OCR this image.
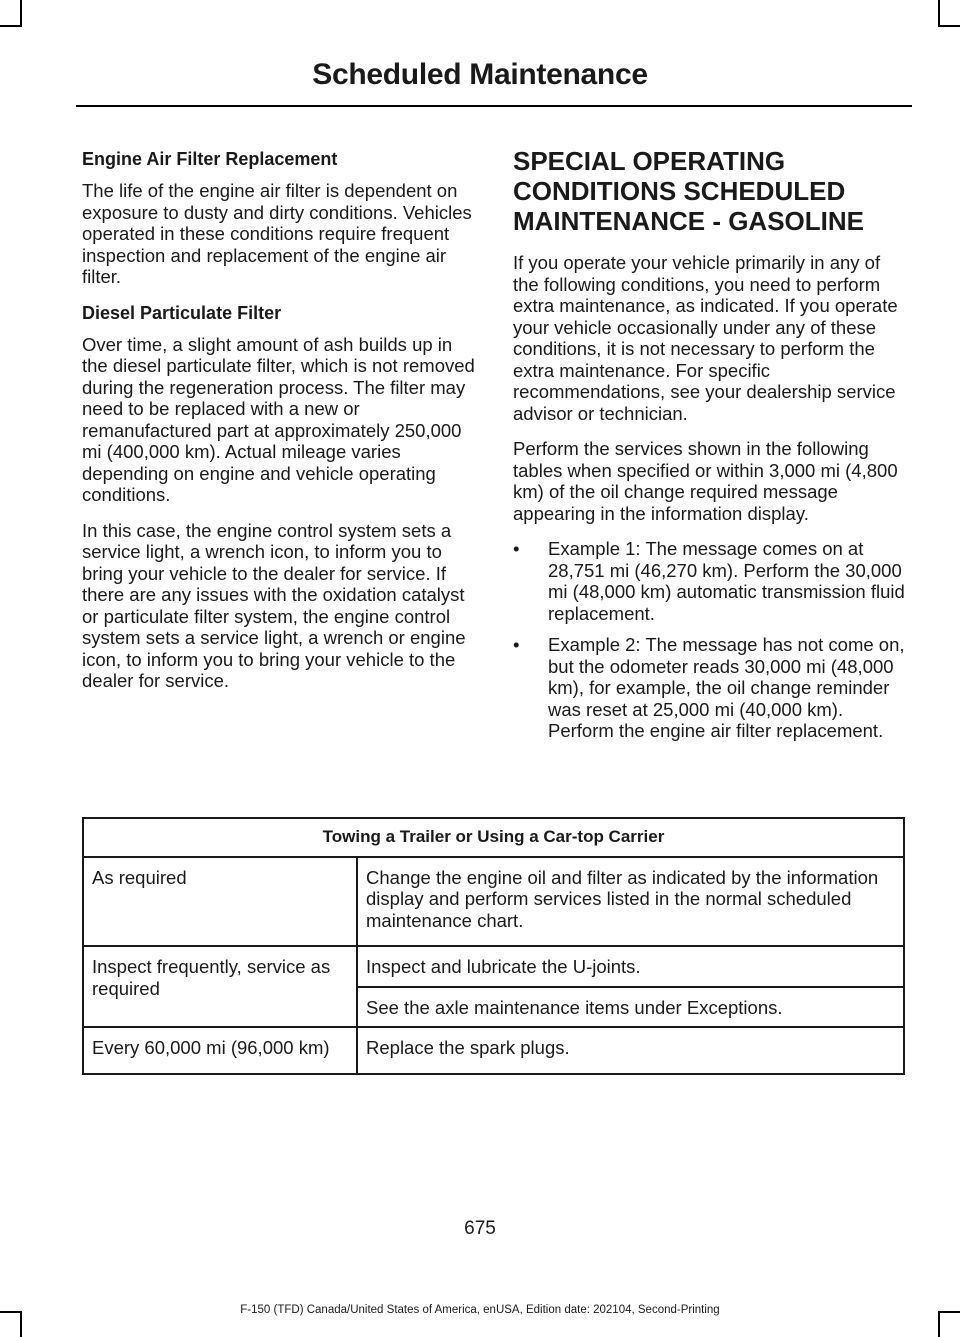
Scheduled Maintenance
Engine Air Filter Replacement

The life of the engine air filter is dependent on exposure to dusty and dirty conditions. Vehicles operated in these conditions require frequent inspection and replacement of the engine air filter.

Diesel Particulate Filter

Over time, a slight amount of ash builds up in the diesel particulate filter, which is not removed during the regeneration process. The filter may need to be replaced with a new or remanufactured part at approximately 250,000 mi (400,000 km). Actual mileage varies depending on engine and vehicle operating conditions.

In this case, the engine control system sets a service light, a wrench icon, to inform you to bring your vehicle to the dealer for service. If there are any issues with the oxidation catalyst or particulate filter system, the engine control system sets a service light, a wrench or engine icon, to inform you to bring your vehicle to the dealer for service.

SPECIAL OPERATING
CONDITIONS SCHEDULED
MAINTENANCE - GASOLINE

If you operate your vehicle primarily in any of the following conditions, you need to perform extra maintenance, as indicated. If you operate your vehicle occasionally under any of these conditions, it is not necessary to perform the extra maintenance. For specific recommendations, see your dealership service advisor or technician.

Perform the services shown in the following tables when specified or within 3,000 mi (4,800 km) of the oil change required message appearing in the information display.

• Example 1: The message comes on at 28,751 mi (46,270 km). Perform the 30,000 mi (48,000 km) automatic transmission fluid replacement.
• Example 2: The message has not come on, but the odometer reads 30,000 mi (48,000 km), for example, the oil change reminder was reset at 25,000 mi (40,000 km). Perform the engine air filter replacement.
Towing a Trailer or Using a Car-top Carrier	
As required	Change the engine oil and filter as indicated by the information display and perform services listed in the normal scheduled maintenance chart.
Inspect frequently, service as required	Inspect and lubricate the U-joints.
	See the axle maintenance items under Exceptions.
Every 60,000 mi (96,000 km)	Replace the spark plugs.
675
F-150 (TFD) Canada/United States of America, enUSA, Edition date: 202104, Second-Printing
